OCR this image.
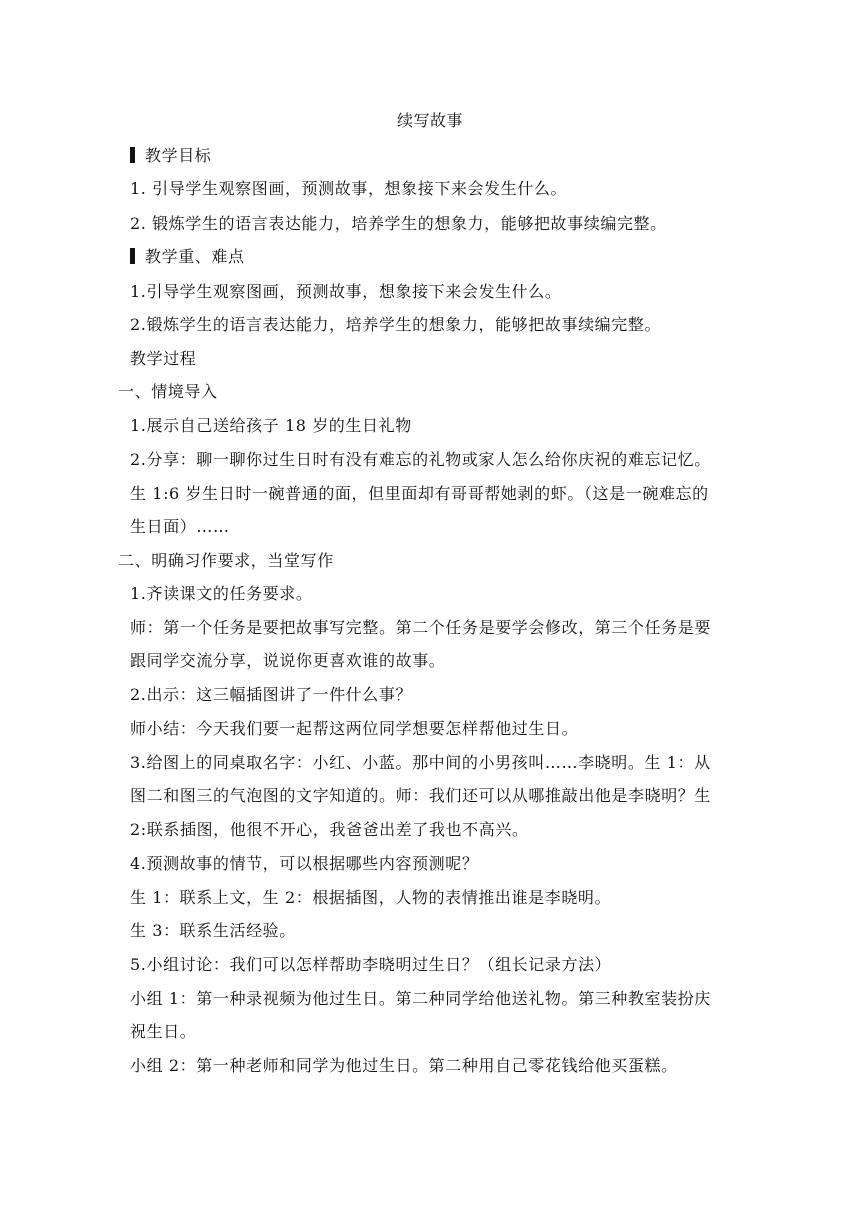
续写故事
教学目标
1. 引导学生观察图画，预测故事，想象接下来会发生什么。
2. 锻炼学生的语言表达能力，培养学生的想象力，能够把故事续编完整。
教学重、难点
1.引导学生观察图画，预测故事，想象接下来会发生什么。
2.锻炼学生的语言表达能力，培养学生的想象力，能够把故事续编完整。
教学过程
一、情境导入
1.展示自己送给孩子 18 岁的生日礼物
2.分享：聊一聊你过生日时有没有难忘的礼物或家人怎么给你庆祝的难忘记忆。
生 1:6 岁生日时一碗普通的面，但里面却有哥哥帮她剥的虾。（这是一碗难忘的
生日面）……
二、明确习作要求，当堂写作
1.齐读课文的任务要求。
师：第一个任务是要把故事写完整。第二个任务是要学会修改，第三个任务是要
跟同学交流分享，说说你更喜欢谁的故事。
2.出示：这三幅插图讲了一件什么事？
师小结：今天我们要一起帮这两位同学想要怎样帮他过生日。
3.给图上的同桌取名字：小红、小蓝。那中间的小男孩叫……李晓明。生 1：从
图二和图三的气泡图的文字知道的。师：我们还可以从哪推敲出他是李晓明？生
2:联系插图，他很不开心，我爸爸出差了我也不高兴。
4.预测故事的情节，可以根据哪些内容预测呢？
生 1：联系上文，生 2：根据插图，人物的表情推出谁是李晓明。
生 3：联系生活经验。
5.小组讨论：我们可以怎样帮助李晓明过生日？（组长记录方法）
小组 1：第一种录视频为他过生日。第二种同学给他送礼物。第三种教室装扮庆
祝生日。
小组 2：第一种老师和同学为他过生日。第二种用自己零花钱给他买蛋糕。
